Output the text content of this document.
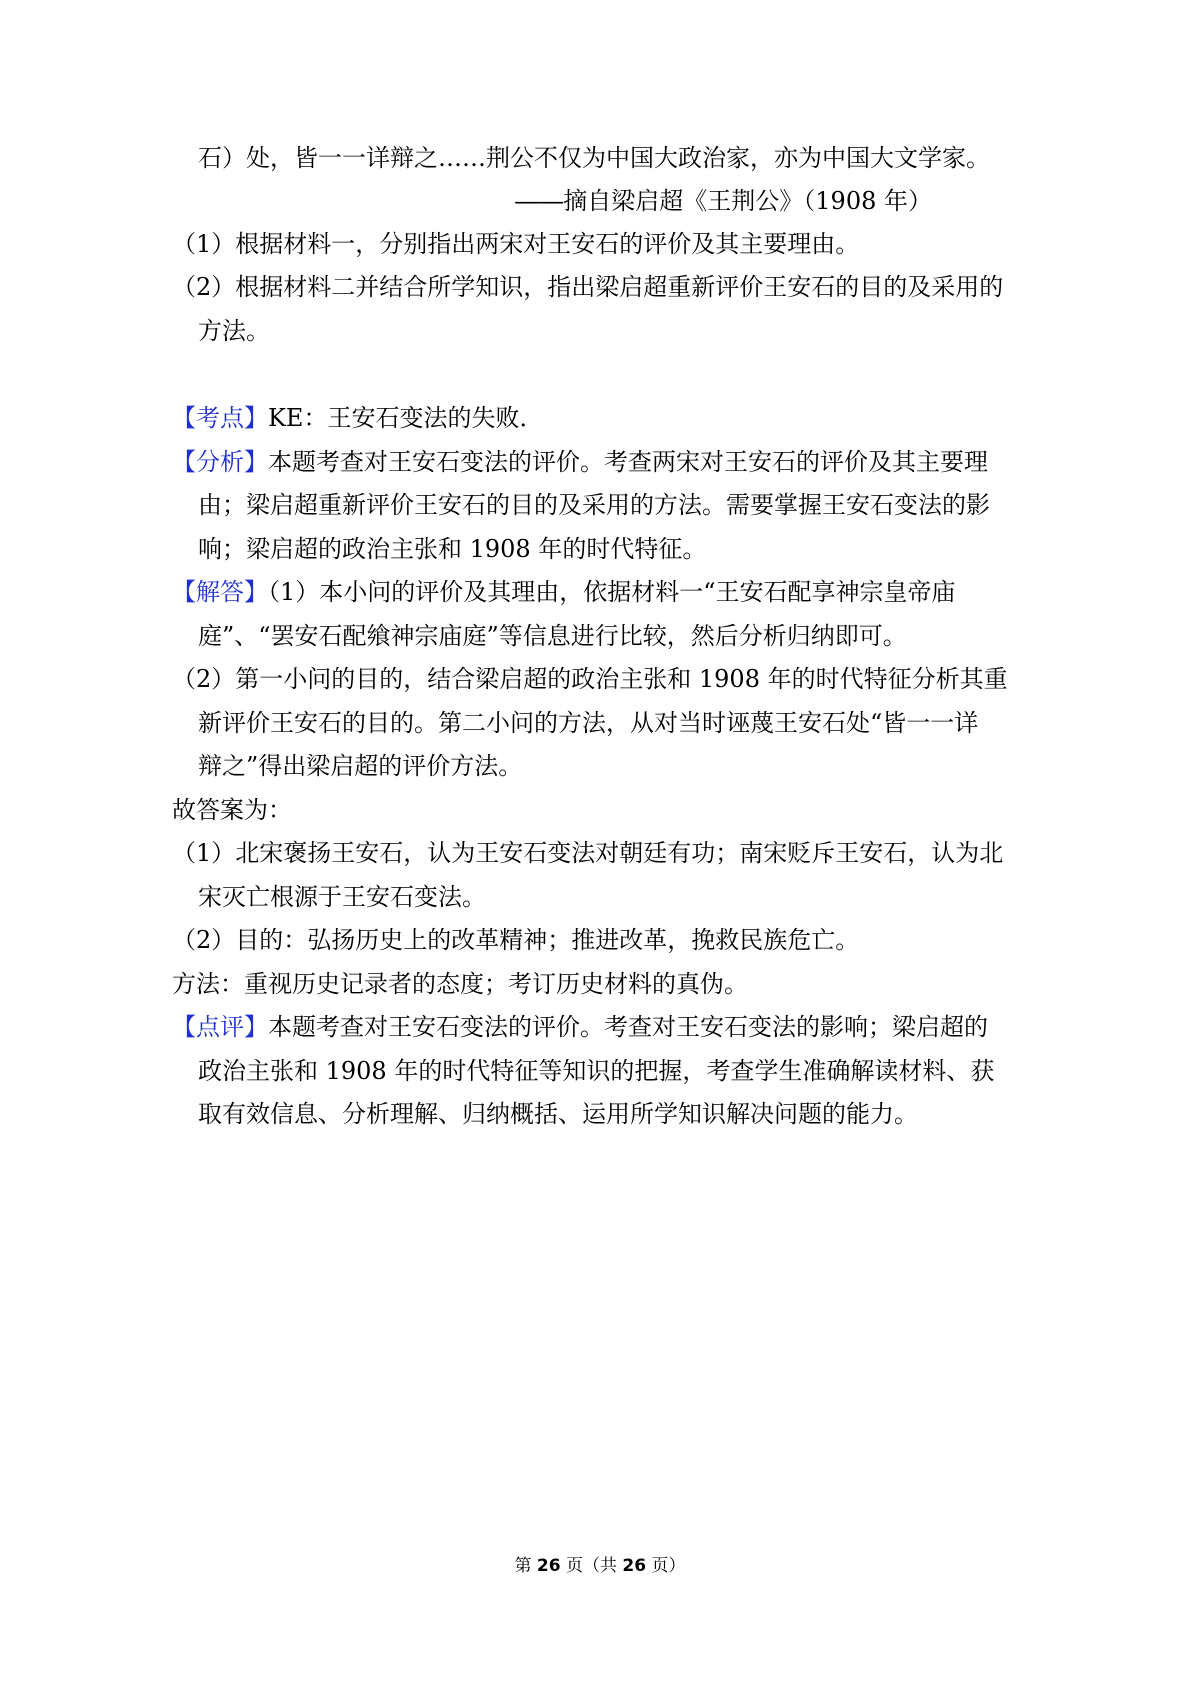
石）处，皆一一详辩之……荆公不仅为中国大政治家，亦为中国大文学家。
――摘自梁启超《王荆公》（1908 年）
（1）根据材料一，分别指出两宋对王安石的评价及其主要理由。
（2）根据材料二并结合所学知识，指出梁启超重新评价王安石的目的及采用的
方法。
【考点】KE：王安石变法的失败．
【分析】本题考查对王安石变法的评价。考查两宋对王安石的评价及其主要理
由；梁启超重新评价王安石的目的及采用的方法。需要掌握王安石变法的影
响；梁启超的政治主张和 1908 年的时代特征。
【解答】（1）本小问的评价及其理由，依据材料一“王安石配享神宗皇帝庙
庭”、“罢安石配飨神宗庙庭”等信息进行比较，然后分析归纳即可。
（2）第一小问的目的，结合梁启超的政治主张和 1908 年的时代特征分析其重
新评价王安石的目的。第二小问的方法，从对当时诬蔑王安石处“皆一一详
辩之”得出梁启超的评价方法。
故答案为：
（1）北宋褒扬王安石，认为王安石变法对朝廷有功；南宋贬斥王安石，认为北
宋灭亡根源于王安石变法。
（2）目的：弘扬历史上的改革精神；推进改革，挽救民族危亡。
方法：重视历史记录者的态度；考订历史材料的真伪。
【点评】本题考查对王安石变法的评价。考查对王安石变法的影响；梁启超的
政治主张和 1908 年的时代特征等知识的把握，考查学生准确解读材料、获
取有效信息、分析理解、归纳概括、运用所学知识解决问题的能力。
第 26 页（共 26 页）
